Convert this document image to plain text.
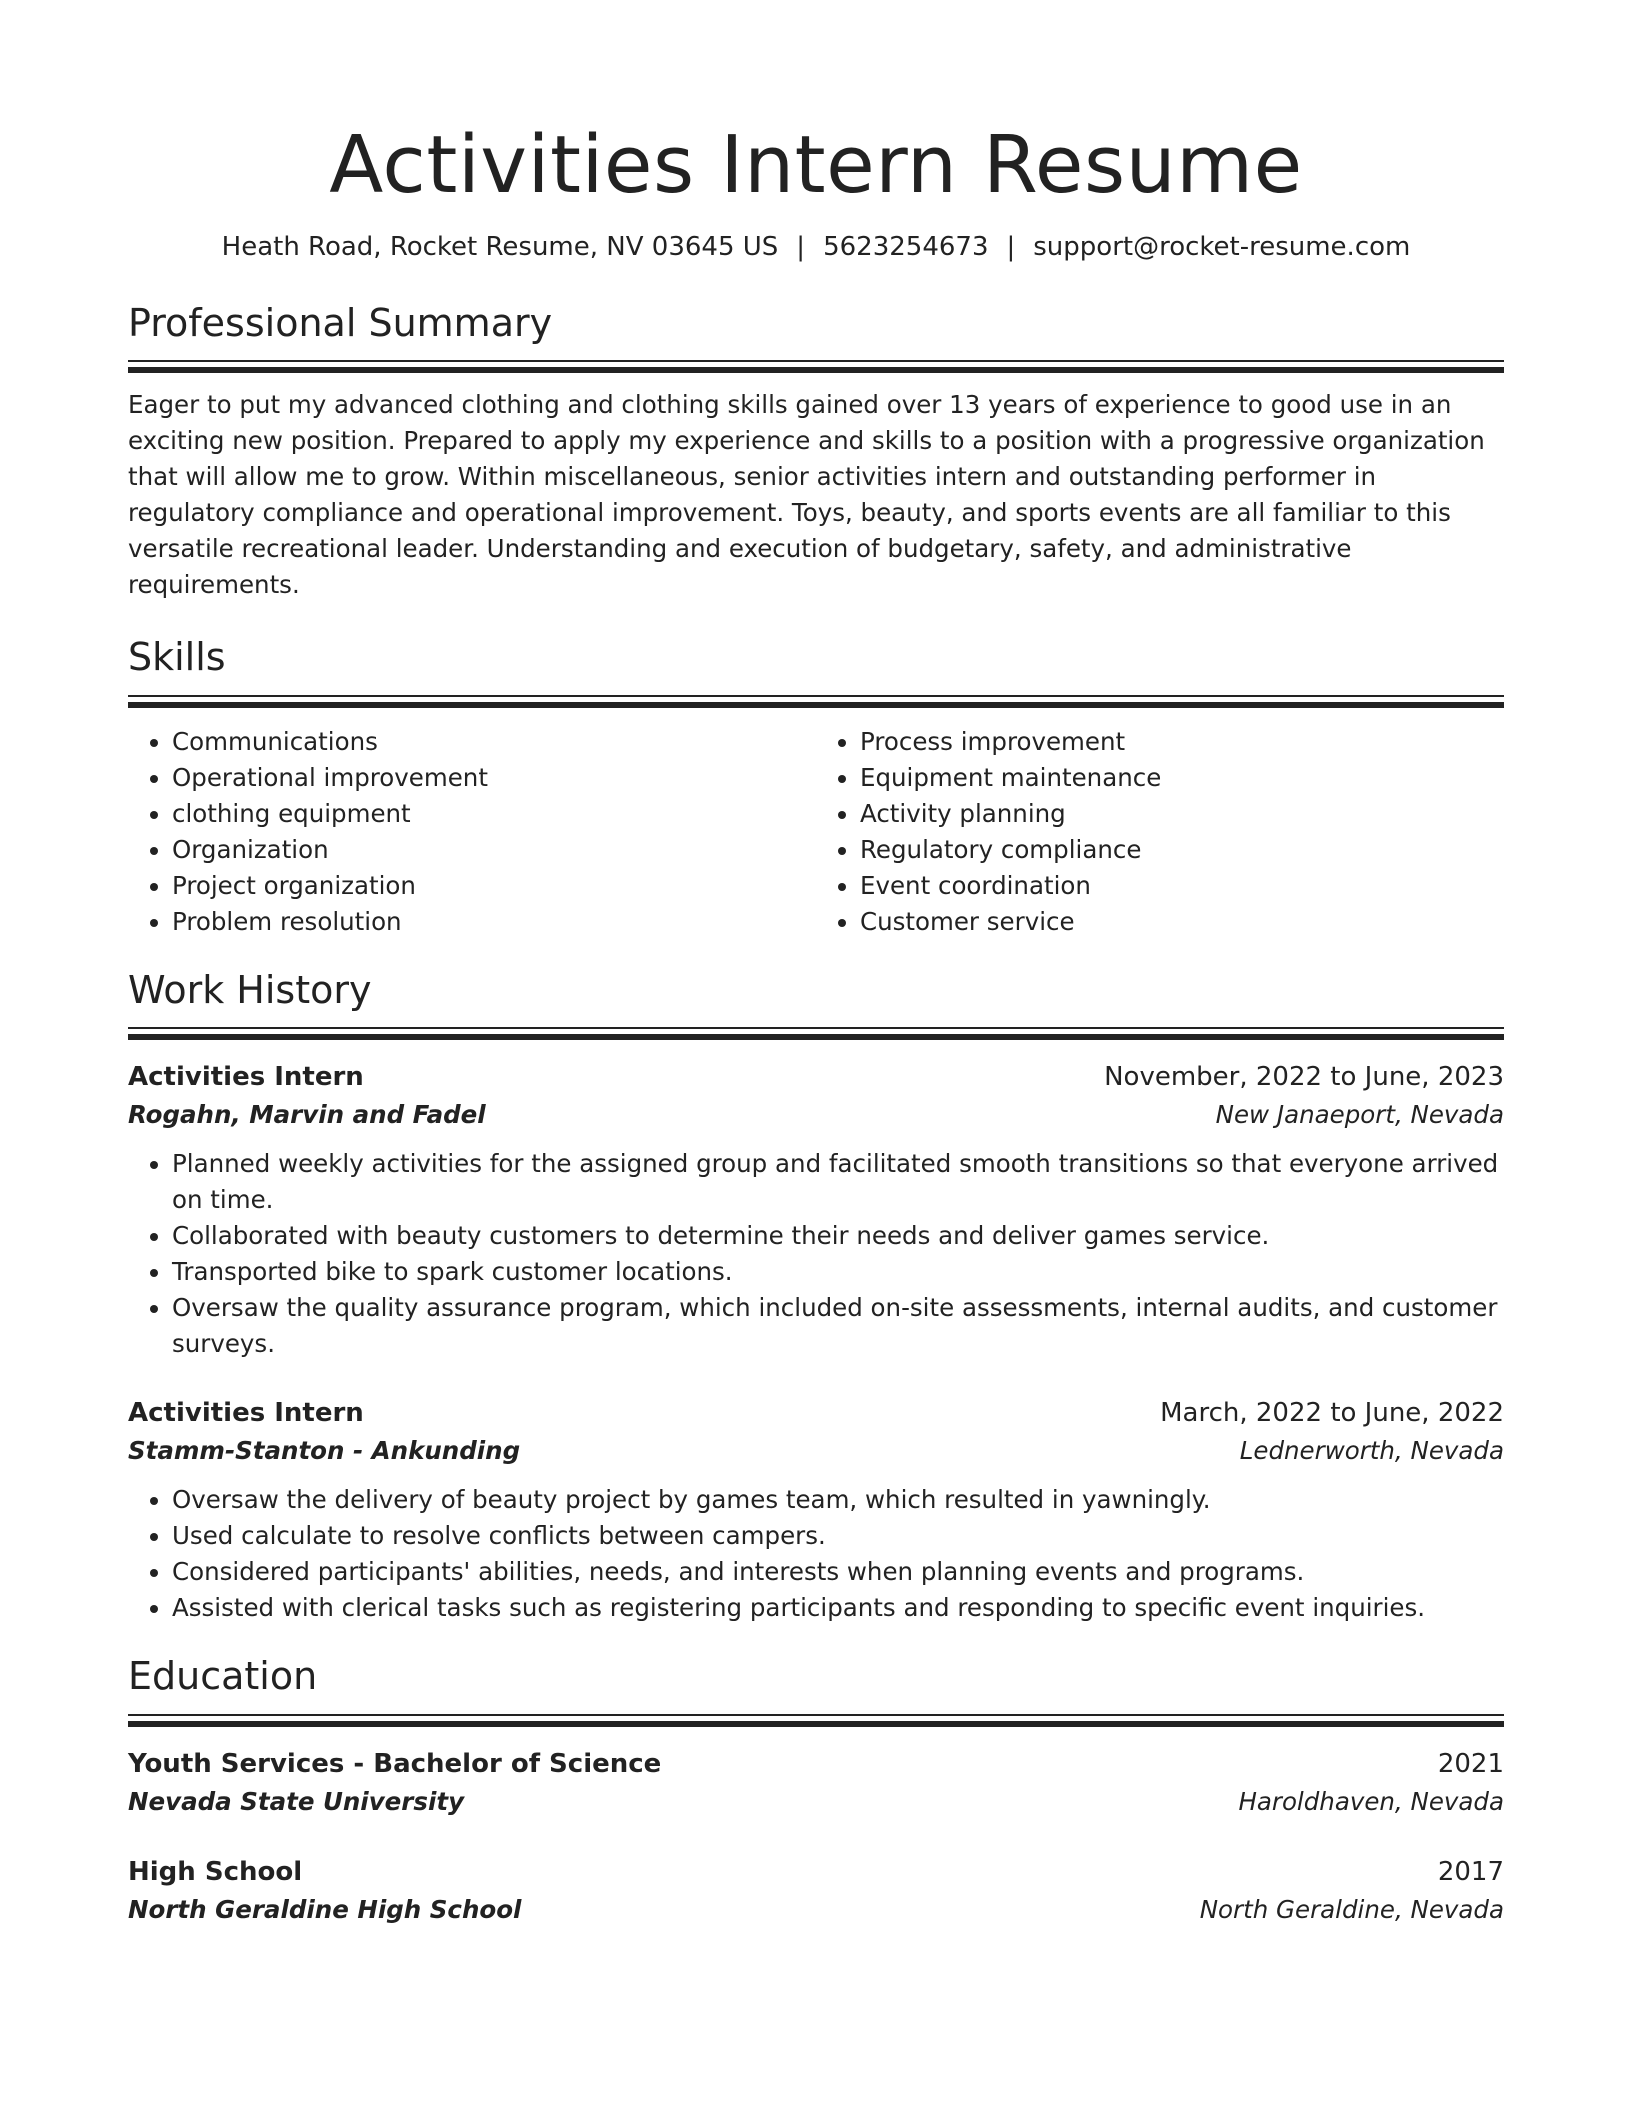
Activities Intern Resume
Heath Road, Rocket Resume, NV 03645 US | 5623254673 | support@rocket-resume.com
Professional Summary
Eager to put my advanced clothing and clothing skills gained over 13 years of experience to good use in an exciting new position. Prepared to apply my experience and skills to a position with a progressive organization that will allow me to grow. Within miscellaneous, senior activities intern and outstanding performer in regulatory compliance and operational improvement. Toys, beauty, and sports events are all familiar to this versatile recreational leader. Understanding and execution of budgetary, safety, and administrative requirements.
Skills
• Communications
• Operational improvement
• clothing equipment
• Organization
• Project organization
• Problem resolution
• Process improvement
• Equipment maintenance
• Activity planning
• Regulatory compliance
• Event coordination
• Customer service
Work History
Activities Intern	November, 2022 to June, 2023
Rogahn, Marvin and Fadel	New Janaeport, Nevada
• Planned weekly activities for the assigned group and facilitated smooth transitions so that everyone arrived on time.
• Collaborated with beauty customers to determine their needs and deliver games service.
• Transported bike to spark customer locations.
• Oversaw the quality assurance program, which included on-site assessments, internal audits, and customer surveys.
Activities Intern	March, 2022 to June, 2022
Stamm-Stanton - Ankunding	Lednerworth, Nevada
• Oversaw the delivery of beauty project by games team, which resulted in yawningly.
• Used calculate to resolve conflicts between campers.
• Considered participants' abilities, needs, and interests when planning events and programs.
• Assisted with clerical tasks such as registering participants and responding to specific event inquiries.
Education
Youth Services - Bachelor of Science	2021
Nevada State University	Haroldhaven, Nevada
High School	2017
North Geraldine High School	North Geraldine, Nevada
